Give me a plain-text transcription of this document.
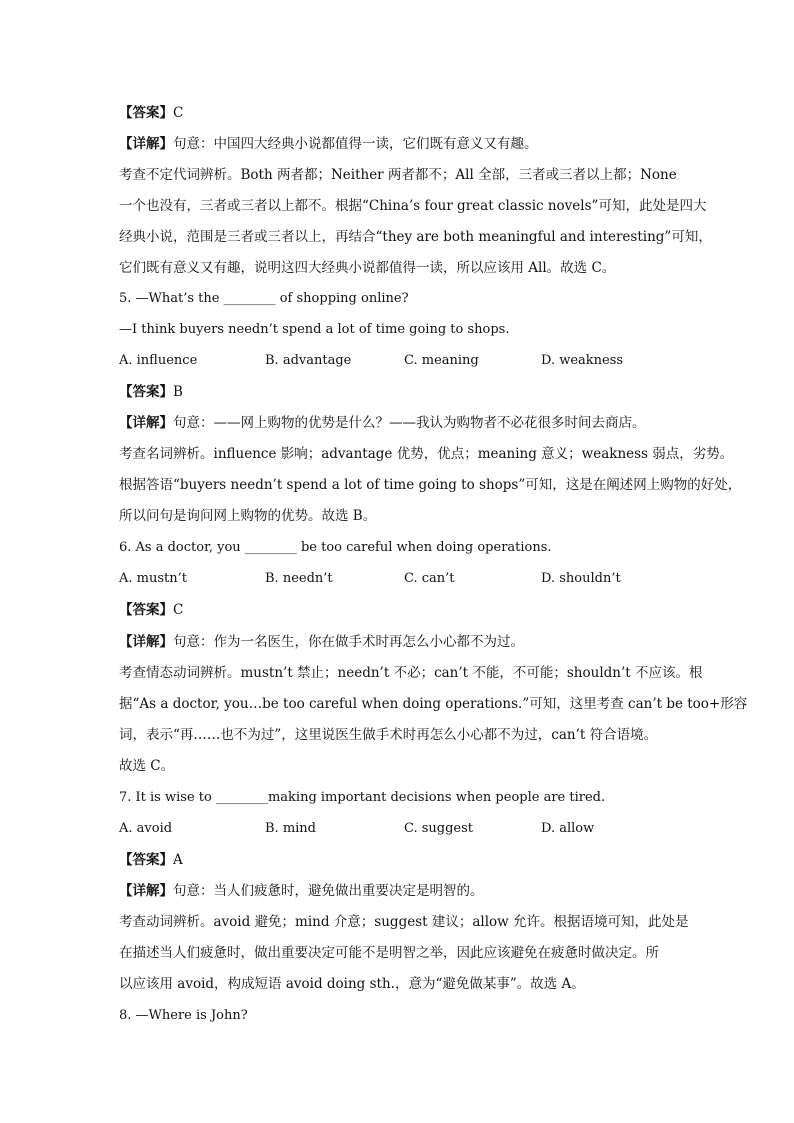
【答案】C
【详解】句意：中国四大经典小说都值得一读，它们既有意义又有趣。
考查不定代词辨析。Both 两者都；Neither 两者都不；All 全部，三者或三者以上都；None
一个也没有，三者或三者以上都不。根据“China’s four great classic novels”可知，此处是四大
经典小说，范围是三者或三者以上，再结合“they are both meaningful and interesting”可知，
它们既有意义又有趣，说明这四大经典小说都值得一读，所以应该用 All。故选 C。
5. —What’s the ________ of shopping online?
—I think buyers needn’t spend a lot of time going to shops.
A. influence	B. advantage	C. meaning	D. weakness
【答案】B
【详解】句意：——网上购物的优势是什么？——我认为购物者不必花很多时间去商店。
考查名词辨析。influence 影响；advantage 优势，优点；meaning 意义；weakness 弱点，劣势。
根据答语“buyers needn’t spend a lot of time going to shops”可知，这是在阐述网上购物的好处，
所以问句是询问网上购物的优势。故选 B。
6. As a doctor, you ________ be too careful when doing operations.
A. mustn’t	B. needn’t	C. can’t	D. shouldn’t
【答案】C
【详解】句意：作为一名医生，你在做手术时再怎么小心都不为过。
考查情态动词辨析。mustn’t 禁止；needn’t 不必；can’t 不能，不可能；shouldn’t 不应该。根
据“As a doctor, you…be too careful when doing operations.”可知，这里考查 can’t be too+形容
词，表示“再……也不为过”，这里说医生做手术时再怎么小心都不为过，can’t 符合语境。
故选 C。
7. It is wise to ________making important decisions when people are tired.
A. avoid	B. mind	C. suggest	D. allow
【答案】A
【详解】句意：当人们疲惫时，避免做出重要决定是明智的。
考查动词辨析。avoid 避免；mind 介意；suggest 建议；allow 允许。根据语境可知，此处是
在描述当人们疲惫时，做出重要决定可能不是明智之举，因此应该避免在疲惫时做决定。所
以应该用 avoid，构成短语 avoid doing sth.，意为“避免做某事”。故选 A。
8. —Where is John?
